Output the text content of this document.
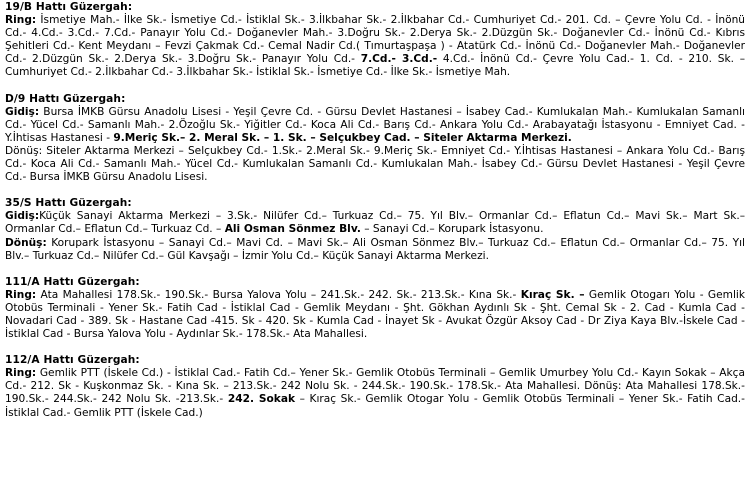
19/B Hattı Güzergah:
Ring: İsmetiye Mah.- İlke Sk.- İsmetiye Cd.- İstiklal Sk.- 3.İlkbahar Sk.- 2.İlkbahar Cd.- Cumhuriyet Cd.- 201. Cd. – Çevre Yolu Cd. - İnönü Cd.- 4.Cd.- 3.Cd.- 7.Cd.- Panayır Yolu Cd.- Doğanevler Mah.- 3.Doğru Sk.- 2.Derya Sk.- 2.Düzgün Sk.- Doğanevler Cd.- İnönü Cd.- Kıbrıs Şehitleri Cd.- Kent Meydanı – Fevzi Çakmak Cd.- Cemal Nadir Cd.( Tımurtaşpaşa ) - Atatürk Cd.- İnönü Cd.- Doğanevler Mah.- Doğanevler Cd.- 2.Düzgün Sk.- 2.Derya Sk.- 3.Doğru Sk.- Panayır Yolu Cd.- 7.Cd.- 3.Cd.- 4.Cd.- İnönü Cd.- Çevre Yolu Cad.- 1. Cd. - 210. Sk. – Cumhuriyet Cd.- 2.İlkbahar Cd.- 3.İlkbahar Sk.- İstiklal Sk.- İsmetiye Cd.- İlke Sk.- İsmetiye Mah.
D/9 Hattı Güzergah:
Gidiş: Bursa İMKB Gürsu Anadolu Lisesi - Yeşil Çevre Cd. - Gürsu Devlet Hastanesi – İsabey Cad.- Kumlukalan Mah.- Kumlukalan Samanlı Cd.- Yücel Cd.- Samanlı Mah.- 2.Özoğlu Sk.- Yiğitler Cd.- Koca Ali Cd.- Barış Cd.- Ankara Yolu Cd.- Arabayatağı İstasyonu - Emniyet Cad. - Y.İhtisas Hastanesi - 9.Meriç Sk.– 2. Meral Sk. – 1. Sk. – Selçukbey Cad. – Siteler Aktarma Merkezi.
Dönüş: Siteler Aktarma Merkezi – Selçukbey Cd.- 1.Sk.- 2.Meral Sk.- 9.Meriç Sk.- Emniyet Cd.- Y.İhtisas Hastanesi – Ankara Yolu Cd.- Barış Cd.- Koca Ali Cd.- Samanlı Mah.- Yücel Cd.- Kumlukalan Samanlı Cd.- Kumlukalan Mah.- İsabey Cd.- Gürsu Devlet Hastanesi - Yeşil Çevre Cd.- Bursa İMKB Gürsu Anadolu Lisesi.
35/S Hattı Güzergah:
Gidiş:Küçük Sanayi Aktarma Merkezi – 3.Sk.- Nilüfer Cd.– Turkuaz Cd.– 75. Yıl Blv.– Ormanlar Cd.– Eflatun Cd.– Mavi Sk.– Mart Sk.– Ormanlar Cd.– Eflatun Cd.– Turkuaz Cd. – Ali Osman Sönmez Blv. – Sanayi Cd.– Korupark İstasyonu.
Dönüş: Korupark İstasyonu – Sanayi Cd.– Mavi Cd. – Mavi Sk.– Ali Osman Sönmez Blv.– Turkuaz Cd.– Eflatun Cd.– Ormanlar Cd.– 75. Yıl Blv.– Turkuaz Cd.– Nilüfer Cd.– Gül Kavşağı – İzmir Yolu Cd.– Küçük Sanayi Aktarma Merkezi.
111/A Hattı Güzergah:
Ring: Ata Mahallesi 178.Sk.- 190.Sk.- Bursa Yalova Yolu – 241.Sk.- 242. Sk.- 213.Sk.- Kına Sk.- Kıraç Sk. – Gemlik Otogarı Yolu - Gemlik Otobüs Terminali - Yener Sk.- Fatih Cad - İstiklal Cad - Gemlik Meydanı - Şht. Gökhan Aydınlı Sk - Şht. Cemal Sk - 2. Cad - Kumla Cad - Novadari Cad - 389. Sk - Hastane Cad -415. Sk - 420. Sk - Kumla Cad - İnayet Sk - Avukat Özgür Aksoy Cad - Dr Ziya Kaya Blv.-İskele Cad - İstiklal Cad - Bursa Yalova Yolu - Aydınlar Sk.- 178.Sk.- Ata Mahallesi.
112/A Hattı Güzergah:
Ring: Gemlik PTT (İskele Cd.) - İstiklal Cad.- Fatih Cd.– Yener Sk.- Gemlik Otobüs Terminali – Gemlik Umurbey Yolu Cd.- Kayın Sokak – Akça Cd.- 212. Sk - Kuşkonmaz Sk. - Kına Sk. – 213.Sk.- 242 Nolu Sk. - 244.Sk.- 190.Sk.- 178.Sk.- Ata Mahallesi. Dönüş: Ata Mahallesi 178.Sk.- 190.Sk.- 244.Sk.- 242 Nolu Sk. -213.Sk.- 242. Sokak – Kıraç Sk.- Gemlik Otogar Yolu - Gemlik Otobüs Terminali – Yener Sk.- Fatih Cad.- İstiklal Cad.- Gemlik PTT (İskele Cad.)
